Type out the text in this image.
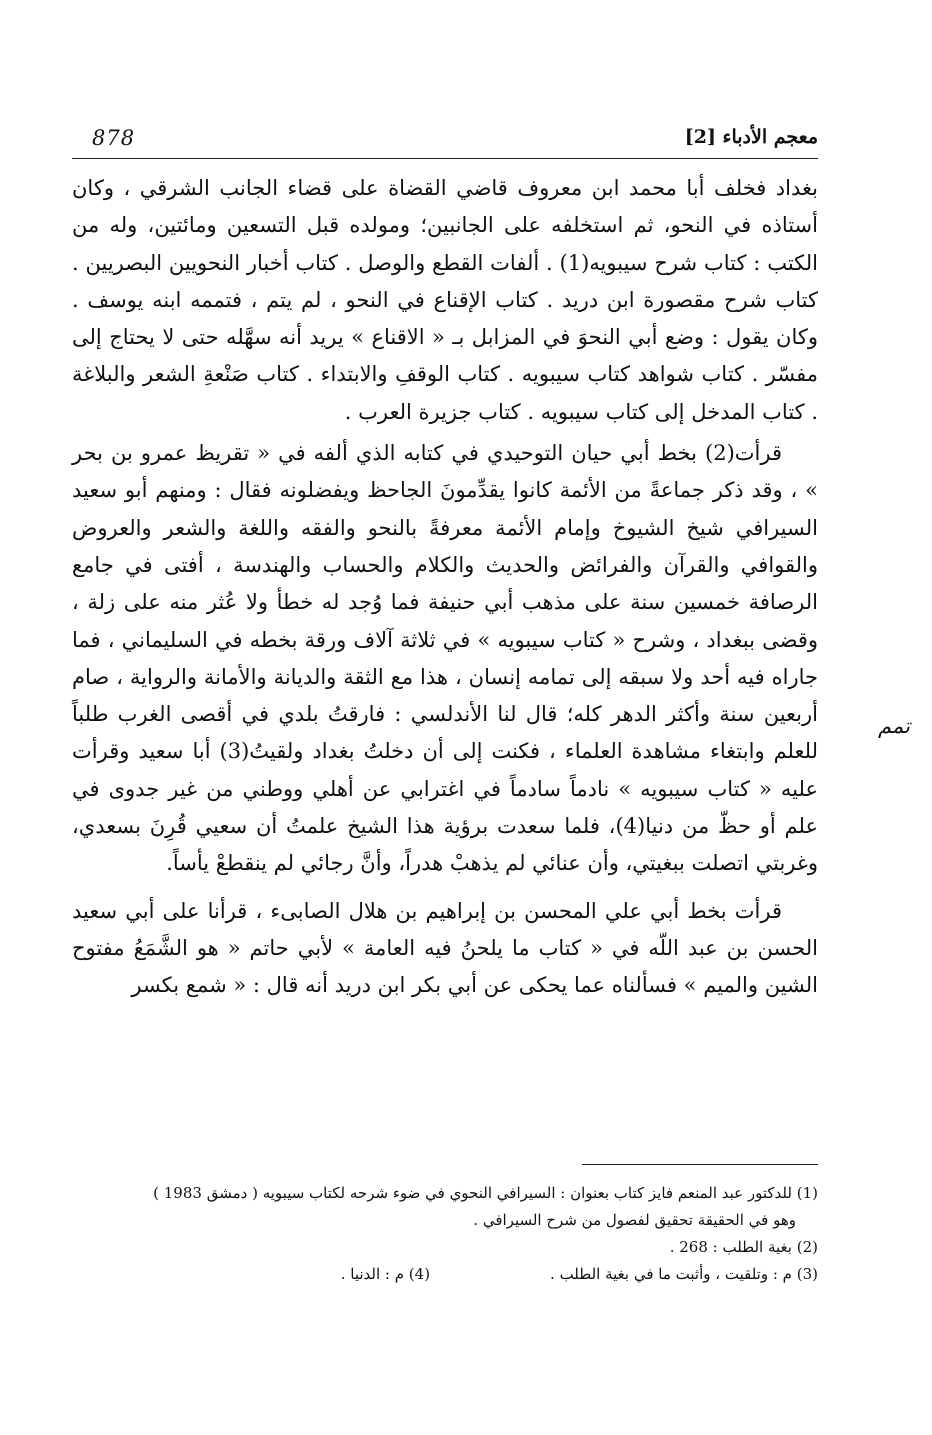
معجم الأدباء [2]
878

بغداد فخلف أبا محمد ابن معروف قاضي القضاة على قضاء الجانب الشرقي ، وكان أستاذه في النحو، ثم استخلفه على الجانبين؛ ومولده قبل التسعين ومائتين، وله من الكتب : كتاب شرح سيبويه(1) . ألفات القطع والوصل . كتاب أخبار النحويين البصريين . كتاب شرح مقصورة ابن دريد . كتاب الإقناع في النحو ، لم يتم ، فتممه ابنه يوسف . وكان يقول : وضع أبي النحوَ في المزابل بـ « الاقناع » يريد أنه سهَّله حتى لا يحتاج إلى مفسّر . كتاب شواهد كتاب سيبويه . كتاب الوقفِ والابتداء . كتاب صَنْعةِ الشعر والبلاغة . كتاب المدخل إلى كتاب سيبويه . كتاب جزيرة العرب .

قرأت(2) بخط أبي حيان التوحيدي في كتابه الذي ألفه في « تقريظ عمرو بن بحر » ، وقد ذكر جماعةً من الأئمة كانوا يقدِّمونَ الجاحظ ويفضلونه فقال : ومنهم أبو سعيد السيرافي شيخ الشيوخ وإمام الأئمة معرفةً بالنحو والفقه واللغة والشعر والعروض والقوافي والقرآن والفرائض والحديث والكلام والحساب والهندسة ، أفتى في جامع الرصافة خمسين سنة على مذهب أبي حنيفة فما وُجد له خطأ ولا عُثر منه على زلة ، وقضى ببغداد ، وشرح « كتاب سيبويه » في ثلاثة آلاف ورقة بخطه في السليماني ، فما جاراه فيه أحد ولا سبقه إلى تمامه إنسان ، هذا مع الثقة والديانة والأمانة والرواية ، صام أربعين سنة وأكثر الدهر كله؛ قال لنا الأندلسي : فارقتُ بلدي في أقصى الغرب طلباً للعلم وابتغاء مشاهدة العلماء ، فكنت إلى أن دخلتُ بغداد ولقيتُ(3) أبا سعيد وقرأت عليه « كتاب سيبويه » نادماً سادماً في اغترابي عن أهلي ووطني من غير جدوى في علم أو حظّ من دنيا(4)، فلما سعدت برؤية هذا الشيخ علمتُ أن سعيي قُرِنَ بسعدي، وغربتي اتصلت ببغيتي، وأن عنائي لم يذهبْ هدراً، وأنَّ رجائي لم ينقطعْ يأساً.

قرأت بخط أبي علي المحسن بن إبراهيم بن هلال الصابىء ، قرأنا على أبي سعيد الحسن بن عبد اللّه في « كتاب ما يلحنُ فيه العامة » لأبي حاتم « هو الشَّمَعُ مفتوح الشين والميم » فسألناه عما يحكى عن أبي بكر ابن دريد أنه قال : « شمع بكسر

تمم

(1) للدكتور عبد المنعم فايز كتاب بعنوان : السيرافي النحوي في ضوء شرحه لكتاب سيبويه ( دمشق 1983 )

وهو في الحقيقة تحقيق لفصول من شرح السيرافي .

(2) بغية الطلب : 268 .

(3) م : وتلقيت ، وأثبت ما في بغية الطلب .

(4) م : الدنيا .
